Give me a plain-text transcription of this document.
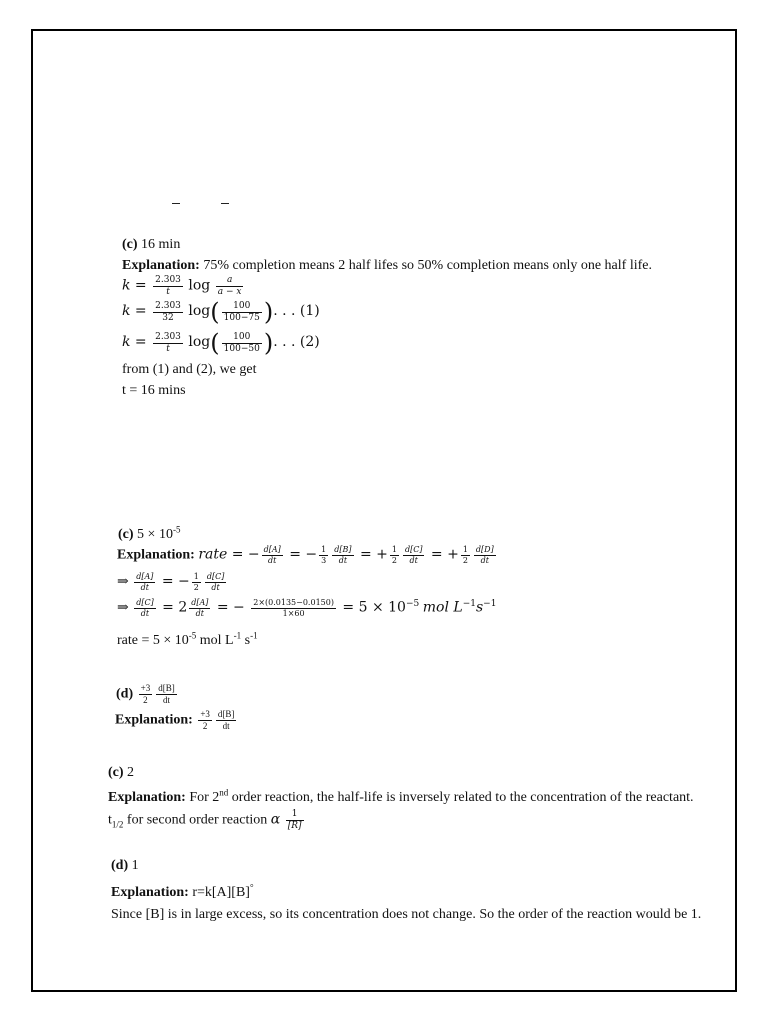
(c) 16 min
Explanation: 75% completion means 2 half lifes so 50% completion means only one half life.
$k = \frac{2.303}{t}$ $\log \frac{a}{a - x}$
$k = \frac{2.303}{32} \log( \frac{100}{100-75}$ ). . . (1)
$k = \frac{2.303}{t} \log( \frac{100}{100-50}$ ). . . (2)
from (1) and (2), we get
t = 16 mins
(c) $5 \times 10^{-5}$
Explanation: rate = − $\frac{d[A]}{dt}$ = − $\frac{1}{3} \frac{d[B]}{dt}$ = + $\frac{1}{2} \frac{d[C]}{dt}$ = + $\frac{1}{2} \frac{d[D]}{dt}$
⇒ $\frac{d[A]}{dt}$ = − $\frac{1}{2} \frac{d[C]}{dt}$
⇒ $\frac{d[C]}{dt} = 2 \frac{d[A]}{dt}$ = − $\frac{2\times(0.0135-0.0150)}{1\times 60} = 5 \times 10^{-5}$ mol $L^{-1}s^{-1}$
rate = $5 \times 10^{-5}$ mol $L^{-1}$ $s^{-1}$
$(d) \frac{+3}{2} \frac{d[B]}{dt}$
Explanation: $\frac{+3}{2} \frac{d[B]}{dt}$
(c) 2
Explanation: For 2nd order reaction, the half-life is inversely related to the concentration of the reactant.
$t_{1/2}$ for second order reaction α $\frac{1}{[R]}$
(d) 1
Explanation: r=k[A][B]°
Since [B] is in large excess, so its concentration does not change. So the order of the reaction would be 1.
